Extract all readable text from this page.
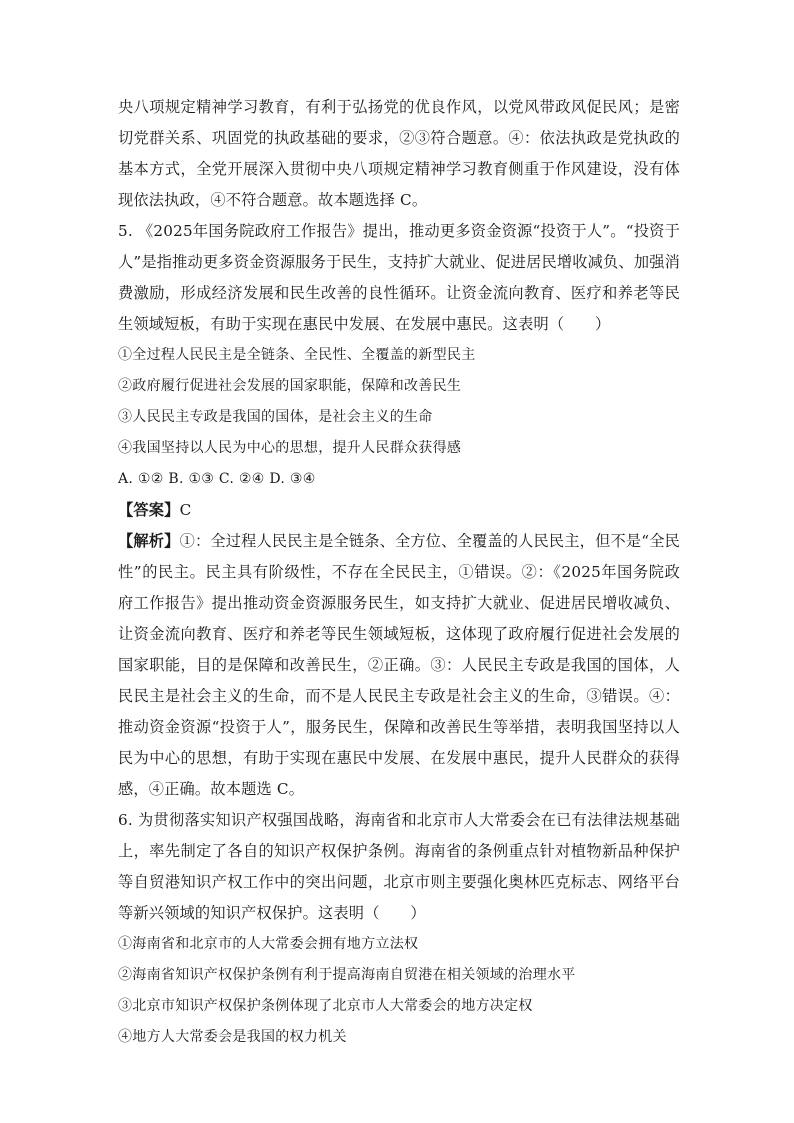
央八项规定精神学习教育，有利于弘扬党的优良作风，以党风带政风促民风；是密切党群关系、巩固党的执政基础的要求，②③符合题意。④：依法执政是党执政的基本方式，全党开展深入贯彻中央八项规定精神学习教育侧重于作风建设，没有体现依法执政，④不符合题意。故本题选择 C。

5. 《2025年国务院政府工作报告》提出，推动更多资金资源“投资于人”。“投资于人”是指推动更多资金资源服务于民生，支持扩大就业、促进居民增收减负、加强消费激励，形成经济发展和民生改善的良性循环。让资金流向教育、医疗和养老等民生领域短板，有助于实现在惠民中发展、在发展中惠民。这表明（　　）

①全过程人民民主是全链条、全民性、全覆盖的新型民主

②政府履行促进社会发展的国家职能，保障和改善民生

③人民民主专政是我国的国体，是社会主义的生命

④我国坚持以人民为中心的思想，提升人民群众获得感

A. ①② B. ①③ C. ②④ D. ③④

【答案】C

【解析】①：全过程人民民主是全链条、全方位、全覆盖的人民民主，但不是“全民性”的民主。民主具有阶级性，不存在全民民主，①错误。②：《2025年国务院政府工作报告》提出推动资金资源服务民生，如支持扩大就业、促进居民增收减负、让资金流向教育、医疗和养老等民生领域短板，这体现了政府履行促进社会发展的国家职能，目的是保障和改善民生，②正确。③：人民民主专政是我国的国体，人民民主是社会主义的生命，而不是人民民主专政是社会主义的生命，③错误。④：推动资金资源“投资于人”，服务民生，保障和改善民生等举措，表明我国坚持以人民为中心的思想，有助于实现在惠民中发展、在发展中惠民，提升人民群众的获得感，④正确。故本题选 C。

6. 为贯彻落实知识产权强国战略，海南省和北京市人大常委会在已有法律法规基础上，率先制定了各自的知识产权保护条例。海南省的条例重点针对植物新品种保护等自贸港知识产权工作中的突出问题，北京市则主要强化奥林匹克标志、网络平台等新兴领域的知识产权保护。这表明（　　）

①海南省和北京市的人大常委会拥有地方立法权

②海南省知识产权保护条例有利于提高海南自贸港在相关领域的治理水平

③北京市知识产权保护条例体现了北京市人大常委会的地方决定权

④地方人大常委会是我国的权力机关
